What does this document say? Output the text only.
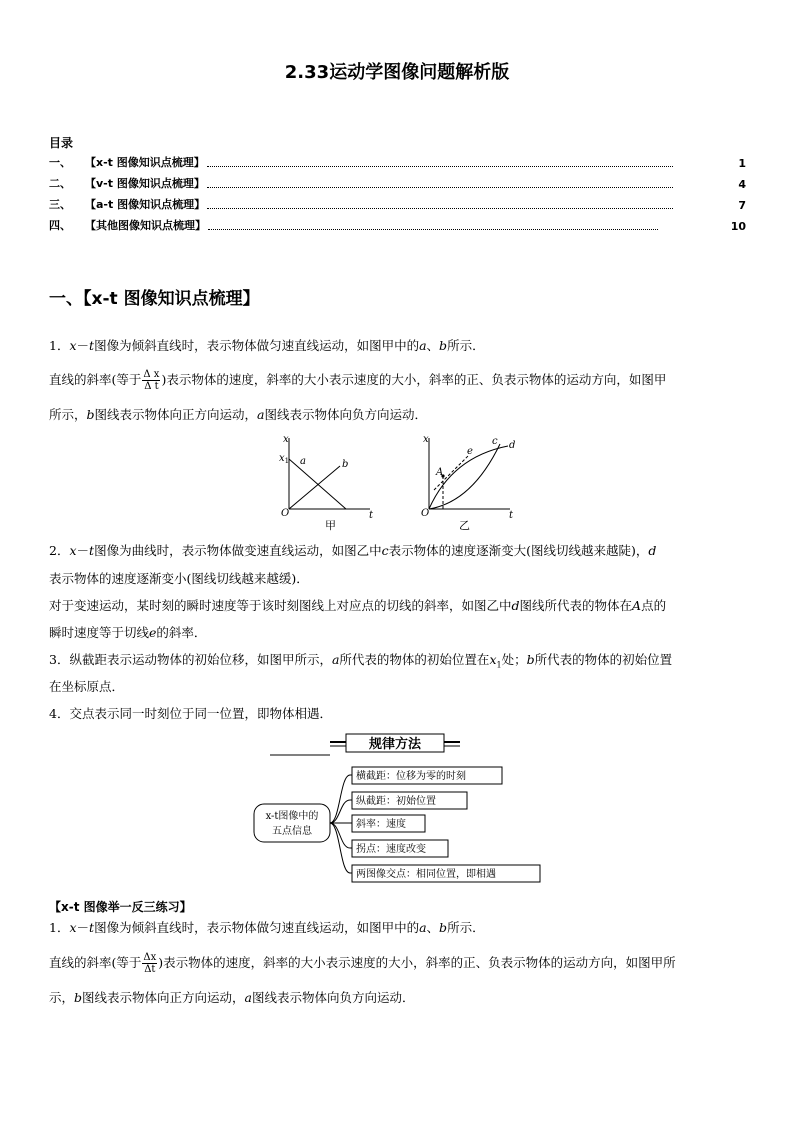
2.33运动学图像问题解析版
目录
一、	【x-t 图像知识点梳理】	1
二、	【v-t 图像知识点梳理】	4
三、	【a-t 图像知识点梳理】	7
四、	【其他图像知识点梳理】	10
一、【x-t 图像知识点梳理】
1．x－t图像为倾斜直线时，表示物体做匀速直线运动，如图甲中的a、b所示．
直线的斜率(等于 $\frac{\text{Δ x}}{\text{Δ t}}$ )表示物体的速度，斜率的大小表示速度的大小，斜率的正、负表示物体的运动方向，如图甲
所示，b图线表示物体向正方向运动，a图线表示物体向负方向运动．
x
$x_1$ a	b
O	t
甲
x
e
c d
A
O	t
乙
2．x－t图像为曲线时，表示物体做变速直线运动，如图乙中c表示物体的速度逐渐变大(图线切线越来越陡)，d
表示物体的速度逐渐变小(图线切线越来越缓)．
对于变速运动，某时刻的瞬时速度等于该时刻图线上对应点的切线的斜率，如图乙中d图线所代表的物体在A点的
瞬时速度等于切线e的斜率．
3．纵截距表示运动物体的初始位移，如图甲所示，a所代表的物体的初始位置在$x_1$处；b所代表的物体的初始位置
在坐标原点．
4．交点表示同一时刻位于同一位置，即物体相遇．
规律方法
x-t图像中的
五点信息
横截距：位移为零的时刻
纵截距：初始位置
斜率：速度
拐点：速度改变
两图像交点：相同位置，即相遇
【x-t 图像举一反三练习】
1．x－t图像为倾斜直线时，表示物体做匀速直线运动，如图甲中的a、b所示．
直线的斜率(等于 $\frac{\Delta x}{\Delta t}$ )表示物体的速度，斜率的大小表示速度的大小，斜率的正、负表示物体的运动方向，如图甲所
示，b图线表示物体向正方向运动，a图线表示物体向负方向运动．
